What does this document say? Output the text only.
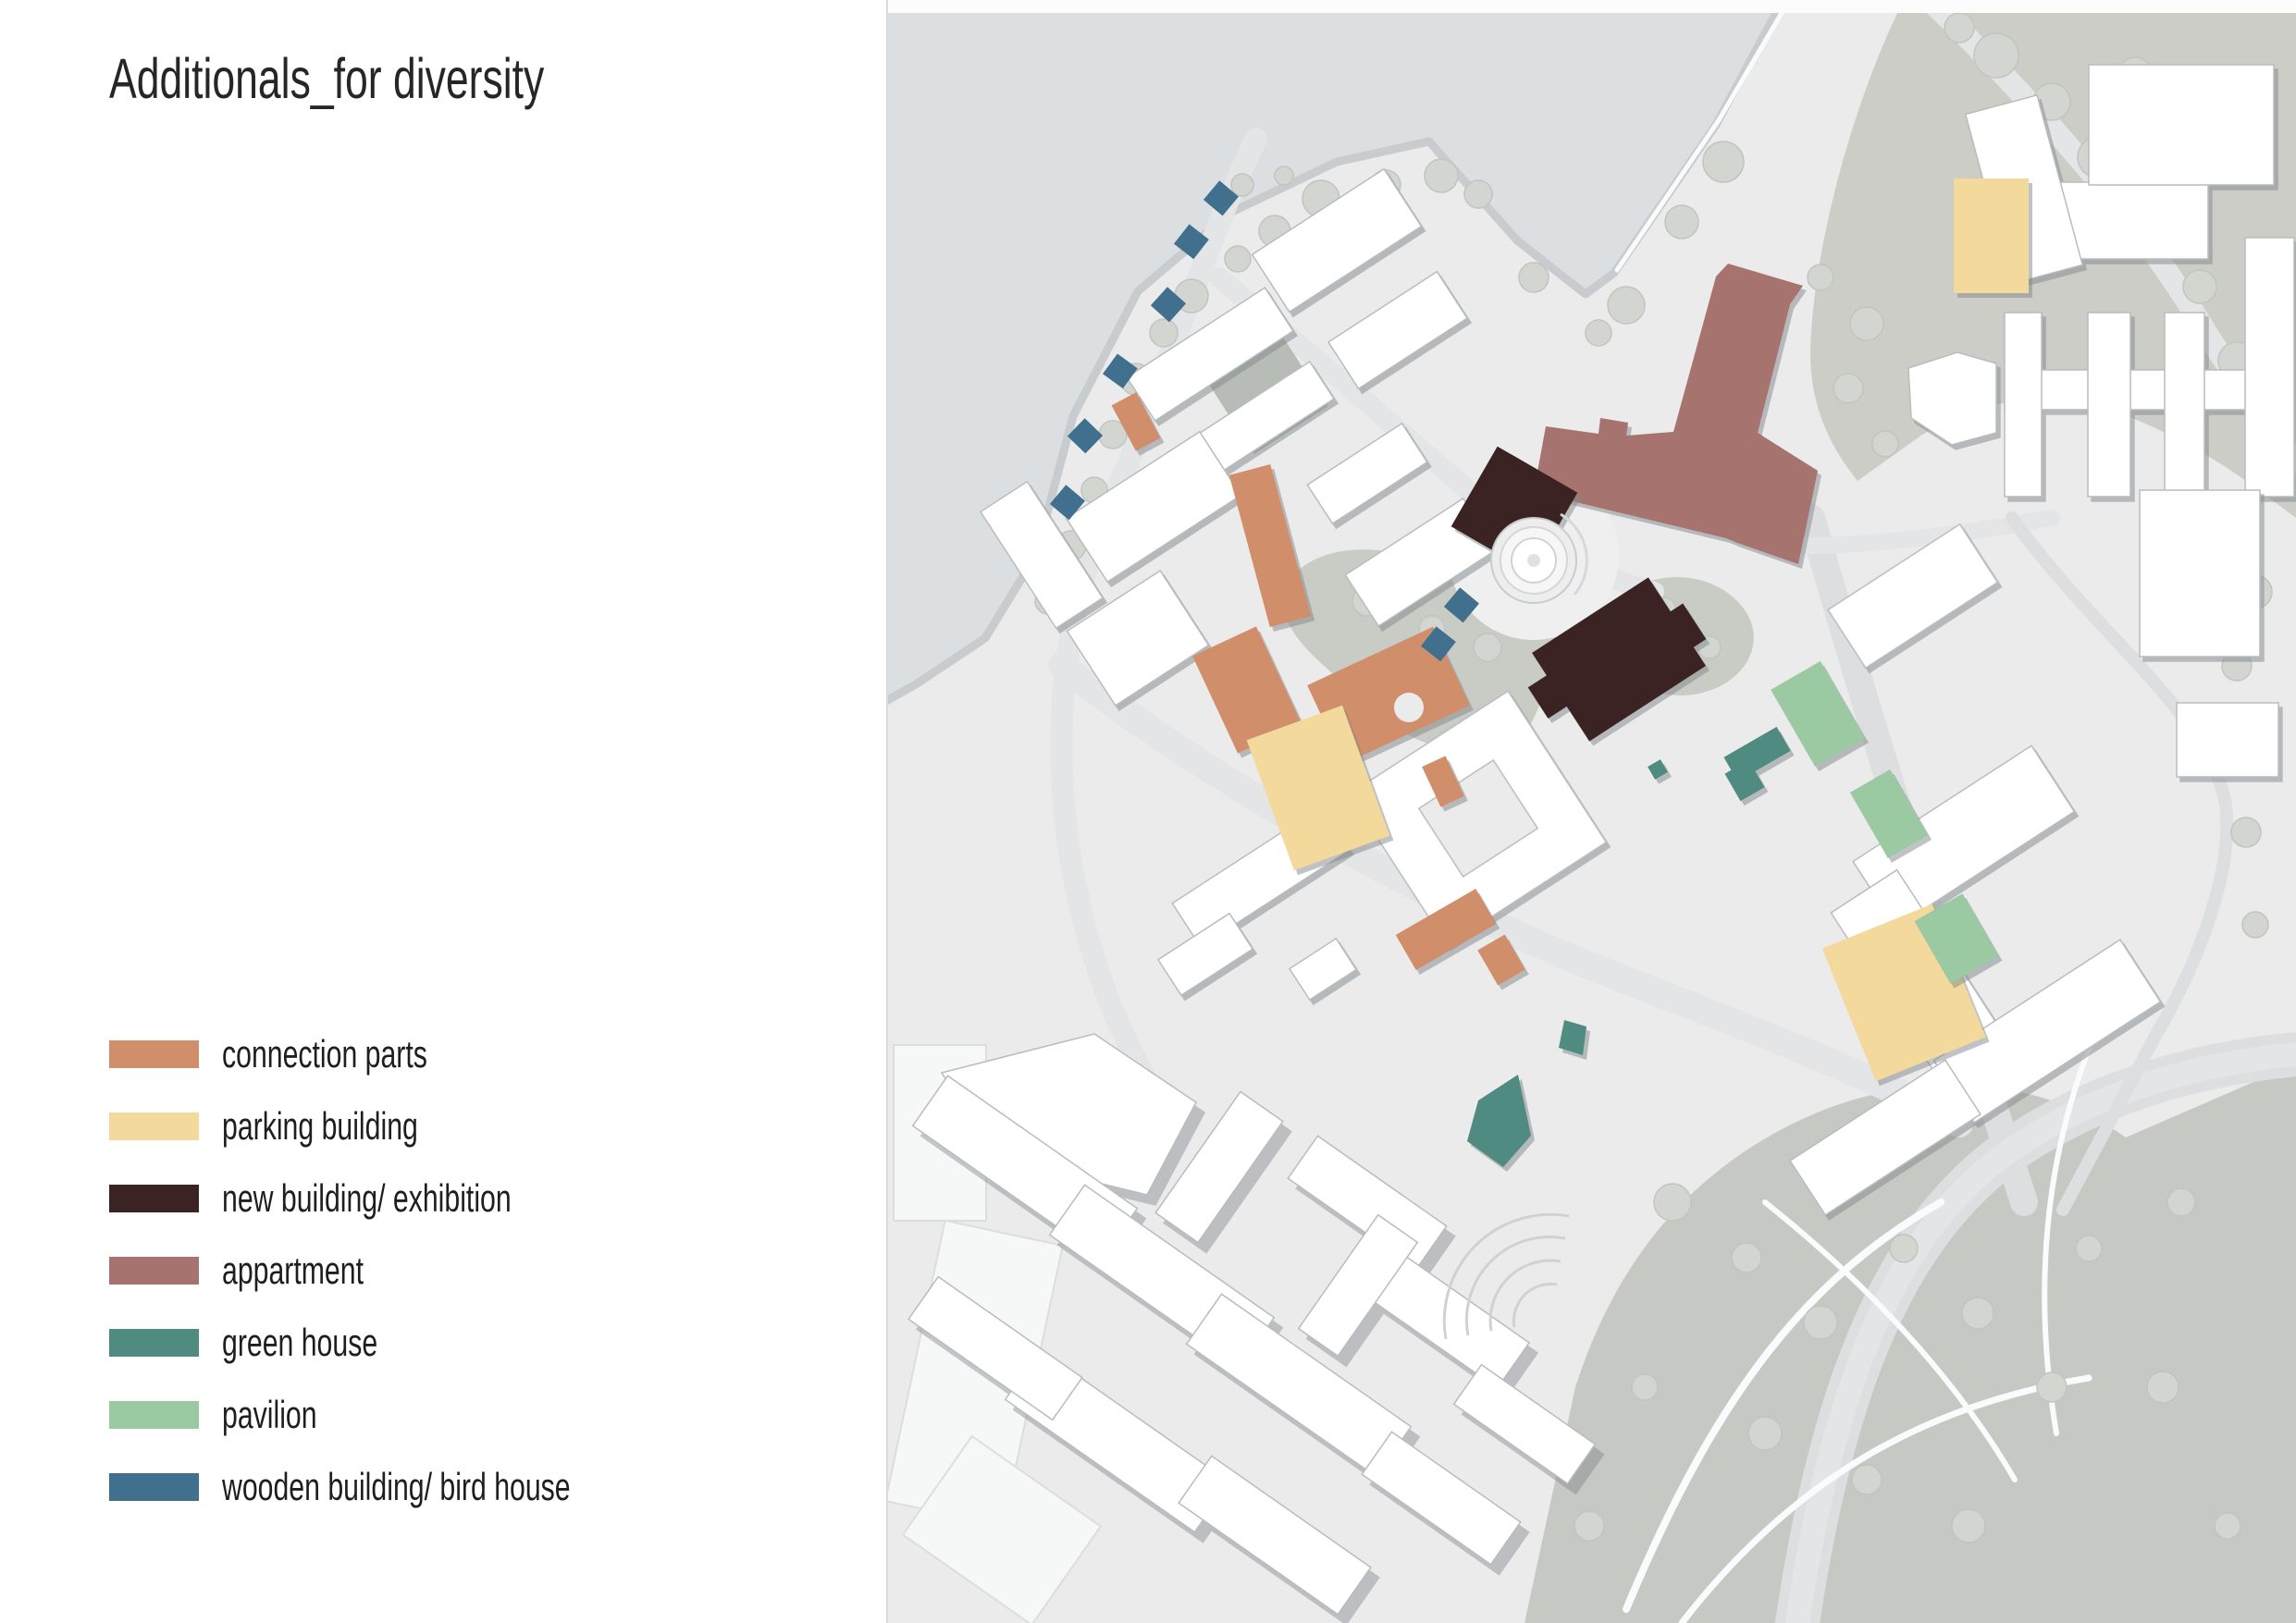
Additionals_for diversity
connection parts
parking building
new building/ exhibition
appartment
green house
pavilion
wooden building/ bird house
